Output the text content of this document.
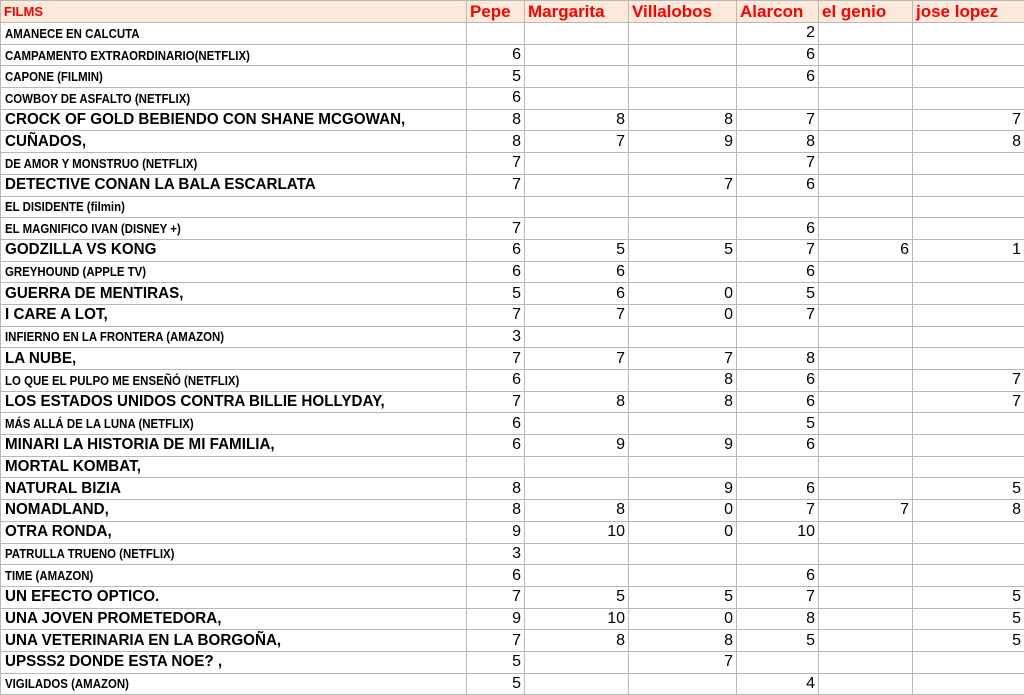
FILMS	Pepe	Margarita	Villalobos	Alarcon	el genio	jose lopez
AMANECE EN CALCUTA				2		
CAMPAMENTO EXTRAORDINARIO(NETFLIX)	6			6		
CAPONE (FILMIN)	5			6		
COWBOY DE ASFALTO (NETFLIX)	6					
CROCK OF GOLD BEBIENDO CON SHANE MCGOWAN,	8	8	8	7		7
CUÑADOS,	8	7	9	8		8
DE AMOR Y MONSTRUO (NETFLIX)	7			7		
DETECTIVE CONAN LA BALA ESCARLATA	7		7	6		
EL DISIDENTE (filmin)						
EL MAGNIFICO IVAN (DISNEY +)	7			6		
GODZILLA VS KONG	6	5	5	7	6	1
GREYHOUND (APPLE TV)	6	6		6		
GUERRA DE MENTIRAS,	5	6	0	5		
I CARE A LOT,	7	7	0	7		
INFIERNO EN LA FRONTERA (AMAZON)	3					
LA NUBE,	7	7	7	8		
LO QUE EL PULPO ME ENSEÑÓ (NETFLIX)	6		8	6		7
LOS ESTADOS UNIDOS CONTRA BILLIE HOLLYDAY,	7	8	8	6		7
MÁS ALLÁ DE LA LUNA (NETFLIX)	6			5		
MINARI LA HISTORIA DE MI FAMILIA,	6	9	9	6		
MORTAL KOMBAT,						
NATURAL BIZIA	8		9	6		5
NOMADLAND,	8	8	0	7	7	8
OTRA RONDA,	9	10	0	10		
PATRULLA TRUENO (NETFLIX)	3					
TIME (AMAZON)	6			6		
UN EFECTO OPTICO.	7	5	5	7		5
UNA JOVEN PROMETEDORA,	9	10	0	8		5
UNA VETERINARIA EN LA BORGOÑA,	7	8	8	5		5
UPSSS2 DONDE ESTA NOE? ,	5		7			
VIGILADOS (AMAZON)	5			4		
